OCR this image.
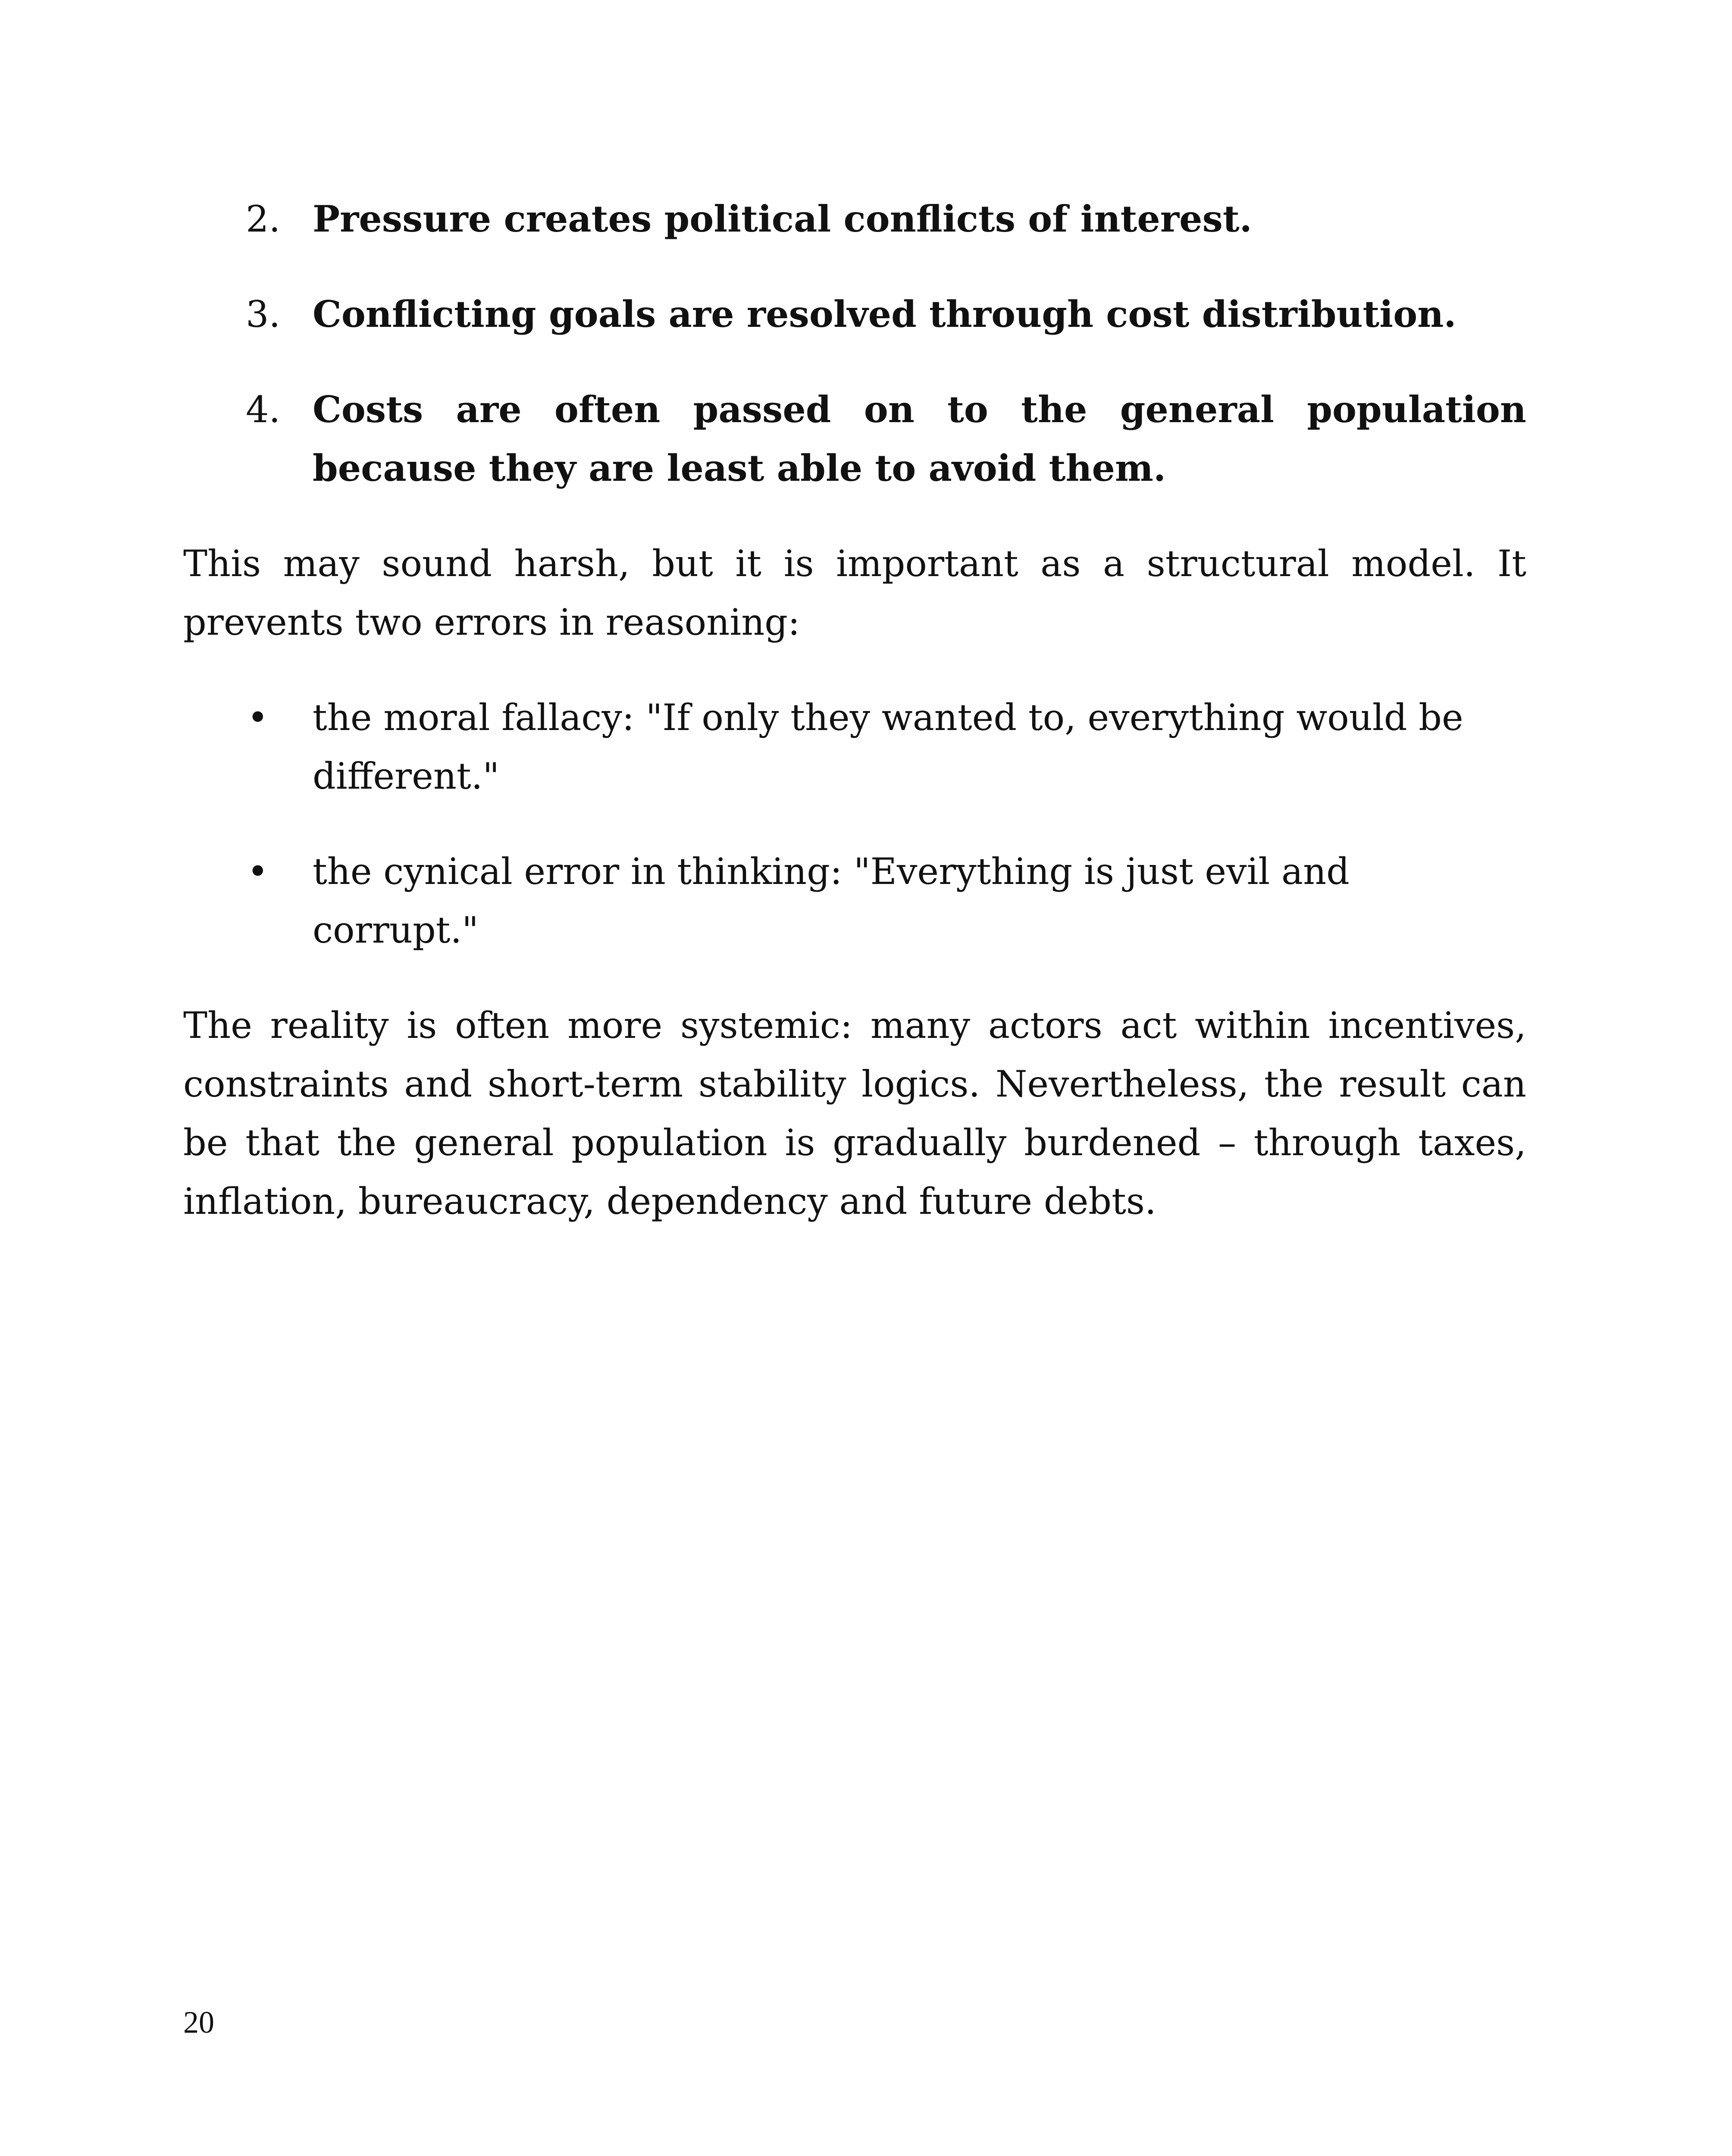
2. Pressure creates political conflicts of interest.
3. Conflicting goals are resolved through cost distribution.
4. Costs are often passed on to the general population because they are least able to avoid them.

This may sound harsh, but it is important as a structural model. It prevents two errors in reasoning:

• the moral fallacy: "If only they wanted to, everything would be different."
• the cynical error in thinking: "Everything is just evil and corrupt."

The reality is often more systemic: many actors act within incentives, constraints and short-term stability logics. Nevertheless, the result can be that the general population is gradually burdened – through taxes, inflation, bureaucracy, dependency and future debts.

20
